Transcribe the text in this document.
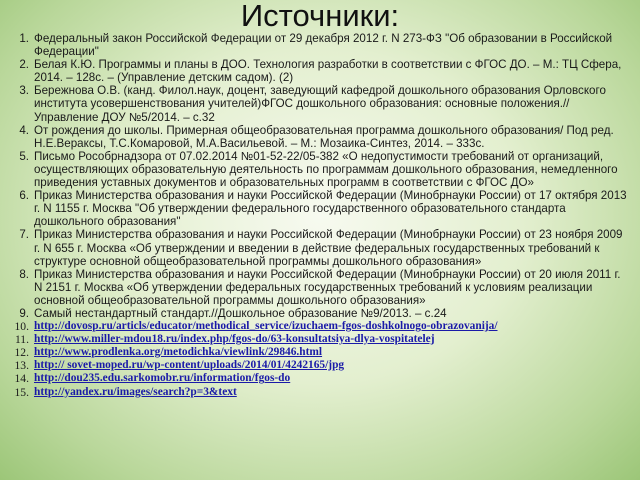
Источники:
1. Федеральный закон Российской Федерации от 29 декабря 2012 г. N 273-ФЗ "Об образовании в Российской Федерации"
2. Белая К.Ю. Программы и планы в ДОО. Технология разработки в соответствии с ФГОС ДО. – М.: ТЦ Сфера, 2014. – 128с. – (Управление детским садом). (2)
3. Бережнова О.В. (канд. Филол.наук, доцент, заведующий кафедрой дошкольного образования Орловского института усовершенствования учителей)ФГОС дошкольного образования: основные положения.//Управление ДОУ №5/2014. – с.32
4. От рождения до школы. Примерная общеобразовательная программа дошкольного образования/ Под ред. Н.Е.Вераксы, Т.С.Комаровой, М.А.Васильевой. – М.: Мозаика-Синтез, 2014. – 333с.
5. Письмо Рособрнадзора от 07.02.2014 №01-52-22/05-382 «О недопустимости требований от организаций, осуществляющих образовательную деятельность по программам дошкольного образования, немедленного приведения уставных документов и образовательных программ в соответствии с ФГОС ДО»
6. Приказ Министерства образования и науки Российской Федерации (Минобрнауки России) от 17 октября 2013 г. N 1155 г. Москва "Об утверждении федерального государственного образовательного стандарта дошкольного образования"
7. Приказ Министерства образования и науки Российской Федерации (Минобрнауки России) от 23 ноября 2009 г. N 655 г. Москва «Об утверждении и введении в действие федеральных государственных требований к структуре основной общеобразовательной программы дошкольного образования»
8. Приказ Министерства образования и науки Российской Федерации (Минобрнауки России) от 20 июля 2011 г. N 2151 г. Москва «Об утверждении федеральных государственных требований к условиям реализации основной общеобразовательной программы дошкольного образования»
9. Самый нестандартный стандарт.//Дошкольное образование №9/2013. – с.24
10. http://dovosp.ru/articls/educator/methodical_service/izuchaem-fgos-doshkolnogo-obrazovanija/
11. http://www.miller-mdou18.ru/index.php/fgos-do/63-konsultatsiya-dlya-vospitatelej
12. http://www.prodlenka.org/metodichka/viewlink/29846.html
13. http:// sovet-moped.ru/wp-content/uploads/2014/01/4242165/jpg
14. http://dou235.edu.sarkomobr.ru/information/fgos-do
15. http://yandex.ru/images/search?p=3&text
